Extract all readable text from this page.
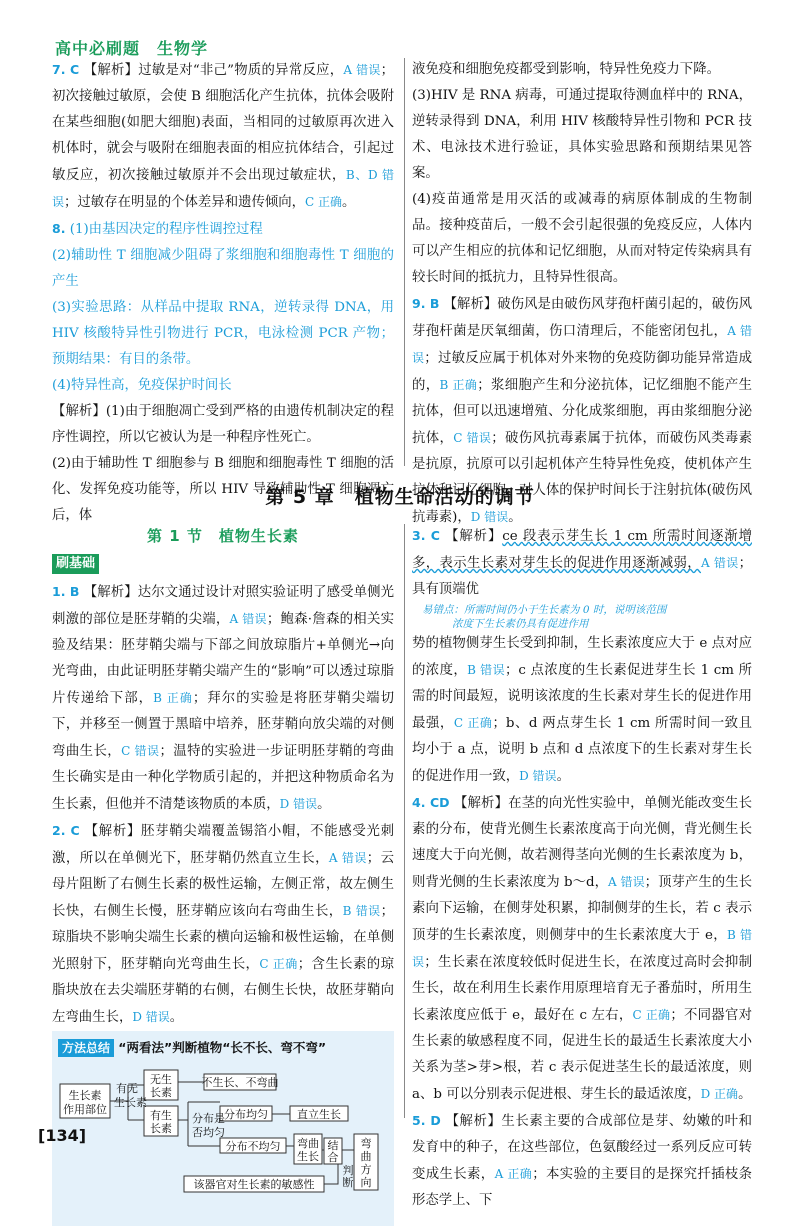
高中必刷题　生物学

7. C 【解析】过敏是对“非己”物质的异常反应，A 错误；初次接触过敏原，会使 B 细胞活化产生抗体，抗体会吸附在某些细胞(如肥大细胞)表面，当相同的过敏原再次进入机体时，就会与吸附在细胞表面的相应抗体结合，引起过敏反应，初次接触过敏原并不会出现过敏症状，B、D 错误；过敏存在明显的个体差异和遗传倾向，C 正确。

8. (1)由基因决定的程序性调控过程

(2)辅助性 T 细胞减少阻碍了浆细胞和细胞毒性 T 细胞的产生

(3)实验思路：从样品中提取 RNA，逆转录得 DNA，用 HIV 核酸特异性引物进行 PCR，电泳检测 PCR 产物；预期结果：有目的条带。

(4)特异性高，免疫保护时间长

【解析】(1)由于细胞凋亡受到严格的由遗传机制决定的程序性调控，所以它被认为是一种程序性死亡。

(2)由于辅助性 T 细胞参与 B 细胞和细胞毒性 T 细胞的活化、发挥免疫功能等，所以 HIV 导致辅助性 T 细胞凋亡后，体

液免疫和细胞免疫都受到影响，特异性免疫力下降。

(3)HIV 是 RNA 病毒，可通过提取待测血样中的 RNA，逆转录得到 DNA，利用 HIV 核酸特异性引物和 PCR 技术、电泳技术进行验证，具体实验思路和预期结果见答案。

(4)疫苗通常是用灭活的或减毒的病原体制成的生物制品。接种疫苗后，一般不会引起很强的免疫反应，人体内可以产生相应的抗体和记忆细胞，从而对特定传染病具有较长时间的抵抗力，且特异性很高。

9. B 【解析】破伤风是由破伤风芽孢杆菌引起的，破伤风芽孢杆菌是厌氧细菌，伤口清理后，不能密闭包扎，A 错误；过敏反应属于机体对外来物的免疫防御功能异常造成的，B 正确；浆细胞产生和分泌抗体，记忆细胞不能产生抗体，但可以迅速增殖、分化成浆细胞，再由浆细胞分泌抗体，C 错误；破伤风抗毒素属于抗体，而破伤风类毒素是抗原，抗原可以引起机体产生特异性免疫，使机体产生抗体和记忆细胞，对人体的保护时间长于注射抗体(破伤风抗毒素)，D 错误。

第 5 章　植物生命活动的调节
第 1 节　植物生长素
刷基础

1. B 【解析】达尔文通过设计对照实验证明了感受单侧光刺激的部位是胚芽鞘的尖端，A 错误；鲍森·詹森的相关实验及结果：胚芽鞘尖端与下部之间放琼脂片+单侧光→向光弯曲，由此证明胚芽鞘尖端产生的“影响”可以透过琼脂片传递给下部，B 正确；拜尔的实验是将胚芽鞘尖端切下，并移至一侧置于黑暗中培养，胚芽鞘向放尖端的对侧弯曲生长，C 错误；温特的实验进一步证明胚芽鞘的弯曲生长确实是由一种化学物质引起的，并把这种物质命名为生长素，但他并不清楚该物质的本质，D 错误。

2. C 【解析】胚芽鞘尖端覆盖锡箔小帽，不能感受光刺激，所以在单侧光下，胚芽鞘仍然直立生长，A 错误；云母片阻断了右侧生长素的极性运输，左侧正常，故左侧生长快，右侧生长慢，胚芽鞘应该向右弯曲生长，B 错误；琼脂块不影响尖端生长素的横向运输和极性运输，在单侧光照射下，胚芽鞘向光弯曲生长，C 正确；含生长素的琼脂块放在去尖端胚芽鞘的右侧，右侧生长快，故胚芽鞘向左弯曲生长，D 错误。

方法总结 “两看法”判断植物“长不长、弯不弯”
生长素
作用部位
有无
生长素
无生
长素
有生
长素
不生长、不弯曲
分布是
否均匀
分布均匀
分布不均匀
直立生长
弯曲
生长
结
合
判
断
弯
曲
方
向
该器官对生长素的敏感性

3. C 【解析】ce 段表示芽生长 1 cm 所需时间逐渐增多，表示生长素对芽生长的促进作用逐渐减弱，A 错误；具有顶端优

易错点：所需时间仍小于生长素为 0 时，说明该范围
浓度下生长素仍具有促进作用

势的植物侧芽生长受到抑制，生长素浓度应大于 e 点对应的浓度，B 错误；c 点浓度的生长素促进芽生长 1 cm 所需的时间最短，说明该浓度的生长素对芽生长的促进作用最强，C 正确；b、d 两点芽生长 1 cm 所需时间一致且均小于 a 点，说明 b 点和 d 点浓度下的生长素对芽生长的促进作用一致，D 错误。

4. CD 【解析】在茎的向光性实验中，单侧光能改变生长素的分布，使背光侧生长素浓度高于向光侧，背光侧生长速度大于向光侧，故若测得茎向光侧的生长素浓度为 b，则背光侧的生长素浓度为 b～d，A 错误；顶芽产生的生长素向下运输，在侧芽处积累，抑制侧芽的生长，若 c 表示顶芽的生长素浓度，则侧芽中的生长素浓度大于 e，B 错误；生长素在浓度较低时促进生长，在浓度过高时会抑制生长，故在利用生长素作用原理培育无子番茄时，所用生长素浓度应低于 e，最好在 c 左右，C 正确；不同器官对生长素的敏感程度不同，促进生长的最适生长素浓度大小关系为茎>芽>根，若 c 表示促进茎生长的最适浓度，则 a、b 可以分别表示促进根、芽生长的最适浓度，D 正确。

5. D 【解析】生长素主要的合成部位是芽、幼嫩的叶和发育中的种子，在这些部位，色氨酸经过一系列反应可转变成生长素，A 正确；本实验的主要目的是探究扦插枝条形态学上、下

[134]
